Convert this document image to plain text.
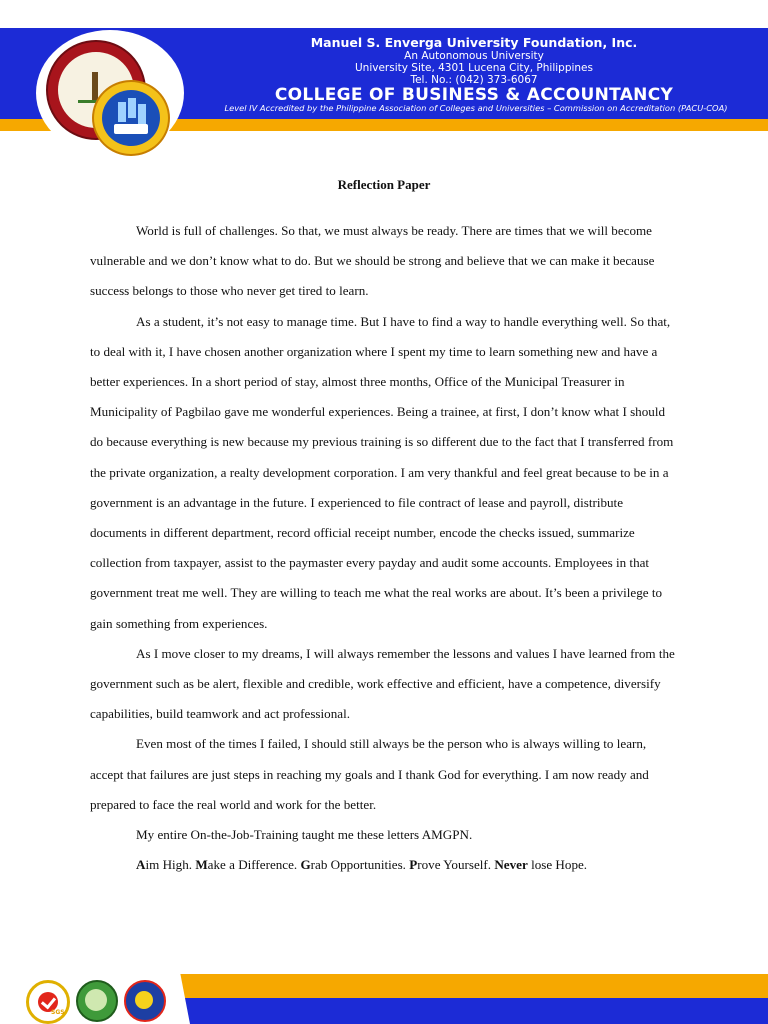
Manuel S. Enverga University Foundation, Inc.
An Autonomous University
University Site, 4301 Lucena City, Philippines
Tel. No.: (042) 373-6067
COLLEGE OF BUSINESS & ACCOUNTANCY
Level IV Accredited by the Philippine Association of Colleges and Universities – Commission on Accreditation (PACU-COA)
Reflection Paper

World is full of challenges. So that, we must always be ready. There are times that we will become vulnerable and we don’t know what to do. But we should be strong and believe that we can make it because success belongs to those who never get tired to learn.

As a student, it’s not easy to manage time. But I have to find a way to handle everything well. So that, to deal with it, I have chosen another organization where I spent my time to learn something new and have a better experiences. In a short period of stay, almost three months, Office of the Municipal Treasurer in Municipality of Pagbilao gave me wonderful experiences. Being a trainee, at first, I don’t know what I should do because everything is new because my previous training is so different due to the fact that I transferred from the private organization, a realty development corporation. I am very thankful and feel great because to be in a government is an advantage in the future. I experienced to file contract of lease and payroll, distribute documents in different department, record official receipt number, encode the checks issued, summarize collection from taxpayer, assist to the paymaster every payday and audit some accounts. Employees in that government treat me well. They are willing to teach me what the real works are about. It’s been a privilege to gain something from experiences.

As I move closer to my dreams, I will always remember the lessons and values I have learned from the government such as be alert, flexible and credible, work effective and efficient, have a competence, diversify capabilities, build teamwork and act professional.

Even most of the times I failed, I should still always be the person who is always willing to learn, accept that failures are just steps in reaching my goals and I thank God for everything. I am now ready and prepared to face the real world and work for the better.

My entire On-the-Job-Training taught me these letters AMGPN.

Aim High. Make a Difference. Grab Opportunities. Prove Yourself. Never lose Hope.

SGS
